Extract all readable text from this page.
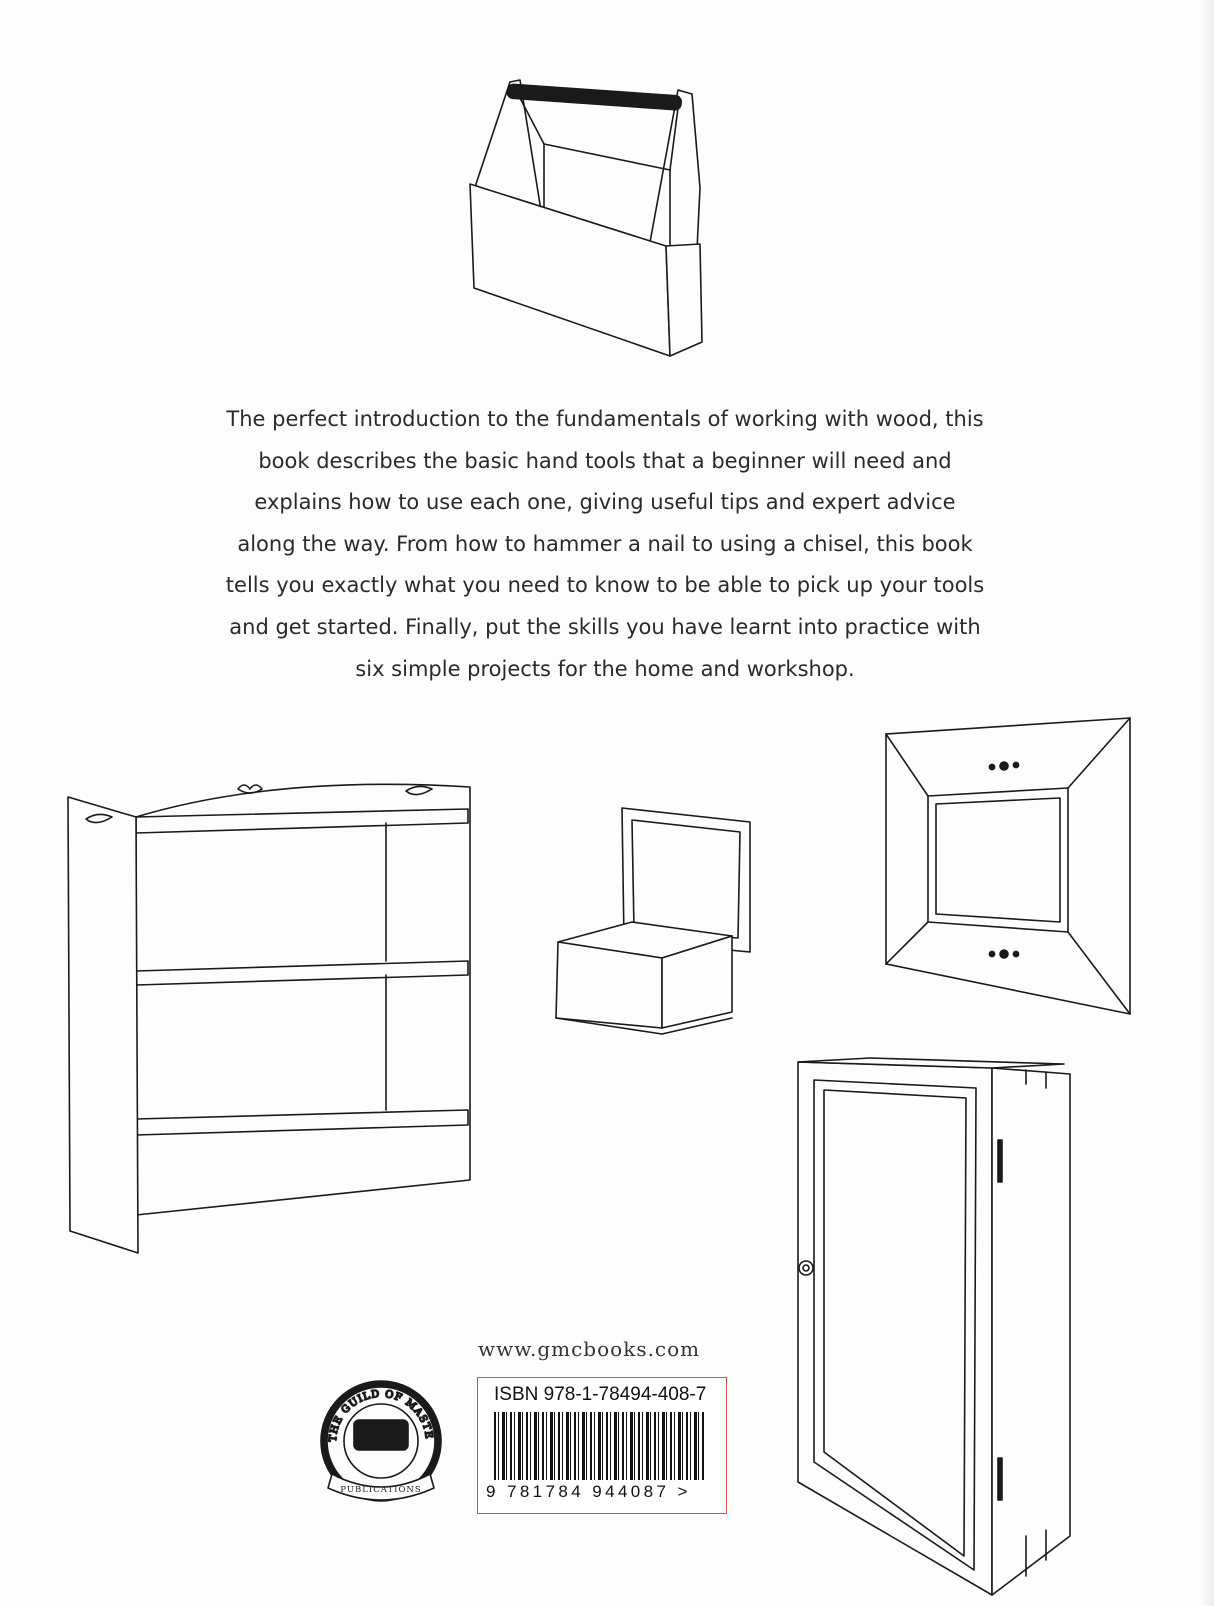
The perfect introduction to the fundamentals of working with wood, this book describes the basic hand tools that a beginner will need and explains how to use each one, giving useful tips and expert advice along the way. From how to hammer a nail to using a chisel, this book tells you exactly what you need to know to be able to pick up your tools and get started. Finally, put the skills you have learnt into practice with six simple projects for the home and workshop.

www.gmcbooks.com
THE GUILD OF MASTER CRAFTSMAN
PUBLICATIONS
ISBN 978-1-78494-408-7
9 781784 944087 >
